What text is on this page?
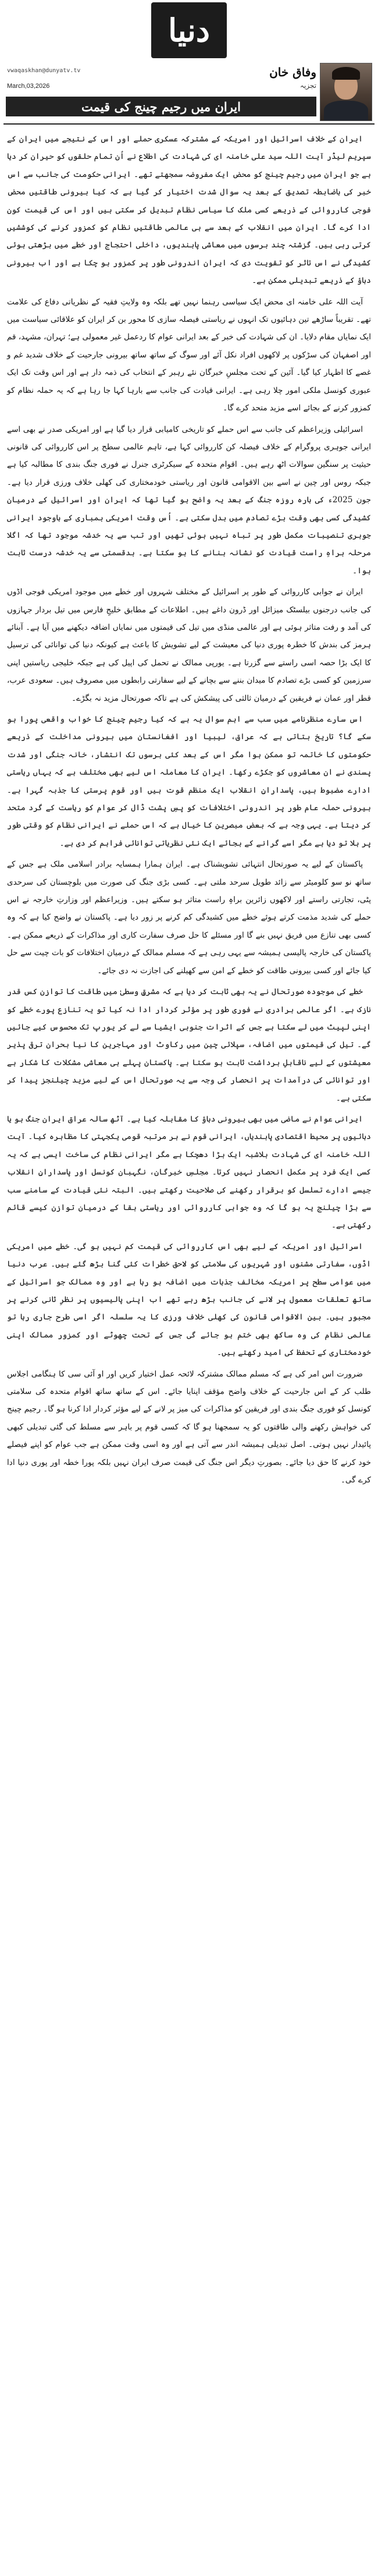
دنیا
وفاق خان
تجزیہ
vwaqaskhan@dunyatv.tv
March,03,2026
ایران میں رجیم چینج کی قیمت

ایران کے خلاف اسرائیل اور امریکہ کے مشترکہ عسکری حملے اور اس کے نتیجے میں ایران کے سپریم لیڈر آیت اللہ سید علی خامنہ ای کی شہادت کی اطلاع نے اُن تمام حلقوں کو حیران کر دیا ہے جو ایران میں رجیم چینج کو محض ایک مفروضہ سمجھتے تھے۔ ایرانی حکومت کی جانب سے اس خبر کی باضابطہ تصدیق کے بعد یہ سوال شدت اختیار کر گیا ہے کہ کیا بیرونی طاقتیں محض فوجی کارروائی کے ذریعے کسی ملک کا سیاسی نظام تبدیل کر سکتی ہیں اور اس کی قیمت کون ادا کرے گا۔ ایران میں انقلاب کے بعد سے ہی عالمی طاقتیں نظام کو کمزور کرنے کی کوششیں کرتی رہی ہیں۔ گزشتہ چند برسوں میں معاشی پابندیوں، داخلی احتجاج اور خطے میں بڑھتی ہوئی کشیدگی نے اس تاثر کو تقویت دی کہ ایران اندرونی طور پر کمزور ہو چکا ہے اور اب بیرونی دباؤ کے ذریعے تبدیلی ممکن ہے۔

آیت اللہ علی خامنہ ای محض ایک سیاسی رہنما نہیں تھے بلکہ وہ ولایتِ فقیہ کے نظریاتی دفاع کی علامت تھے۔ تقریباً ساڑھے تین دہائیوں تک انہوں نے ریاستی فیصلہ سازی کا محور بن کر ایران کو علاقائی سیاست میں ایک نمایاں مقام دلایا۔ ان کی شہادت کی خبر کے بعد ایرانی عوام کا ردعمل غیر معمولی ہے؛ تہران، مشہد، قم اور اصفہان کی سڑکوں پر لاکھوں افراد نکل آئے اور سوگ کے ساتھ ساتھ بیرونی جارحیت کے خلاف شدید غم و غصے کا اظہار کیا گیا۔ آئین کے تحت مجلسِ خبرگان نئے رہبر کے انتخاب کی ذمہ دار ہے اور اس وقت تک ایک عبوری کونسل ملکی امور چلا رہی ہے۔ ایرانی قیادت کی جانب سے بارہا کہا جا رہا ہے کہ یہ حملہ نظام کو کمزور کرنے کے بجائے اسے مزید متحد کرے گا۔

اسرائیلی وزیراعظم کی جانب سے اس حملے کو تاریخی کامیابی قرار دیا گیا ہے اور امریکی صدر نے بھی اسے ایرانی جوہری پروگرام کے خلاف فیصلہ کن کارروائی کہا ہے، تاہم عالمی سطح پر اس کارروائی کی قانونی حیثیت پر سنگین سوالات اٹھ رہے ہیں۔ اقوام متحدہ کے سیکرٹری جنرل نے فوری جنگ بندی کا مطالبہ کیا ہے جبکہ روس اور چین نے اسے بین الاقوامی قانون اور ریاستی خودمختاری کی کھلی خلاف ورزی قرار دیا ہے۔ جون 2025ء کی بارہ روزہ جنگ کے بعد یہ واضح ہو گیا تھا کہ ایران اور اسرائیل کے درمیان کشیدگی کسی بھی وقت بڑے تصادم میں بدل سکتی ہے۔ اُس وقت امریکی بمباری کے باوجود ایرانی جوہری تنصیبات مکمل طور پر تباہ نہیں ہوئی تھیں اور تب سے یہ خدشہ موجود تھا کہ اگلا مرحلہ براہِ راست قیادت کو نشانہ بنانے کا ہو سکتا ہے۔ بدقسمتی سے یہ خدشہ درست ثابت ہوا۔

ایران نے جوابی کارروائی کے طور پر اسرائیل کے مختلف شہروں اور خطے میں موجود امریکی فوجی اڈوں کی جانب درجنوں بیلسٹک میزائل اور ڈرون داغے ہیں۔ اطلاعات کے مطابق خلیجِ فارس میں تیل بردار جہازوں کی آمد و رفت متاثر ہوئی ہے اور عالمی منڈی میں تیل کی قیمتوں میں نمایاں اضافہ دیکھنے میں آیا ہے۔ آبنائے ہرمز کی بندش کا خطرہ پوری دنیا کی معیشت کے لیے تشویش کا باعث ہے کیونکہ دنیا کی توانائی کی ترسیل کا ایک بڑا حصہ اسی راستے سے گزرتا ہے۔ یورپی ممالک نے تحمل کی اپیل کی ہے جبکہ خلیجی ریاستیں اپنی سرزمین کو کسی بڑے تصادم کا میدان بننے سے بچانے کے لیے سفارتی رابطوں میں مصروف ہیں۔ سعودی عرب، قطر اور عمان نے فریقین کے درمیان ثالثی کی پیشکش کی ہے تاکہ صورتحال مزید نہ بگڑے۔

اس سارے منظرنامے میں سب سے اہم سوال یہ ہے کہ کیا رجیم چینج کا خواب واقعی پورا ہو سکے گا؟ تاریخ بتاتی ہے کہ عراق، لیبیا اور افغانستان میں بیرونی مداخلت کے ذریعے حکومتوں کا خاتمہ تو ممکن ہوا مگر اس کے بعد کئی برسوں تک انتشار، خانہ جنگی اور شدت پسندی نے ان معاشروں کو جکڑے رکھا۔ ایران کا معاملہ اس لیے بھی مختلف ہے کہ یہاں ریاستی ادارے مضبوط ہیں، پاسدارانِ انقلاب ایک منظم قوت ہیں اور قوم پرستی کا جذبہ گہرا ہے۔ بیرونی حملہ عام طور پر اندرونی اختلافات کو پسِ پشت ڈال کر عوام کو ریاست کے گرد متحد کر دیتا ہے۔ یہی وجہ ہے کہ بعض مبصرین کا خیال ہے کہ اس حملے نے ایرانی نظام کو وقتی طور پر ہلا تو دیا ہے مگر اسے گرانے کے بجائے ایک نئی نظریاتی توانائی فراہم کر دی ہے۔

پاکستان کے لیے یہ صورتحال انتہائی تشویشناک ہے۔ ایران ہمارا ہمسایہ برادر اسلامی ملک ہے جس کے ساتھ نو سو کلومیٹر سے زائد طویل سرحد ملتی ہے۔ کسی بڑی جنگ کی صورت میں بلوچستان کی سرحدی پٹی، تجارتی راستے اور لاکھوں زائرین براہِ راست متاثر ہو سکتے ہیں۔ وزیراعظم اور وزارتِ خارجہ نے اس حملے کی شدید مذمت کرتے ہوئے خطے میں کشیدگی کم کرنے پر زور دیا ہے۔ پاکستان نے واضح کیا ہے کہ وہ کسی بھی تنازع میں فریق نہیں بنے گا اور مسئلے کا حل صرف سفارت کاری اور مذاکرات کے ذریعے ممکن ہے۔ پاکستان کی خارجہ پالیسی ہمیشہ سے یہی رہی ہے کہ مسلم ممالک کے درمیان اختلافات کو بات چیت سے حل کیا جائے اور کسی بیرونی طاقت کو خطے کے امن سے کھیلنے کی اجازت نہ دی جائے۔

خطے کی موجودہ صورتحال نے یہ بھی ثابت کر دیا ہے کہ مشرقِ وسطیٰ میں طاقت کا توازن کس قدر نازک ہے۔ اگر عالمی برادری نے فوری طور پر مؤثر کردار ادا نہ کیا تو یہ تنازع پورے خطے کو اپنی لپیٹ میں لے سکتا ہے جس کے اثرات جنوبی ایشیا سے لے کر یورپ تک محسوس کیے جائیں گے۔ تیل کی قیمتوں میں اضافہ، سپلائی چین میں رکاوٹ اور مہاجرین کا نیا بحران ترقی پذیر معیشتوں کے لیے ناقابلِ برداشت ثابت ہو سکتا ہے۔ پاکستان پہلے ہی معاشی مشکلات کا شکار ہے اور توانائی کی درآمدات پر انحصار کی وجہ سے یہ صورتحال اس کے لیے مزید چیلنجز پیدا کر سکتی ہے۔

ایرانی عوام نے ماضی میں بھی بیرونی دباؤ کا مقابلہ کیا ہے۔ آٹھ سالہ عراق ایران جنگ ہو یا دہائیوں پر محیط اقتصادی پابندیاں، ایرانی قوم نے ہر مرتبہ قومی یکجہتی کا مظاہرہ کیا۔ آیت اللہ خامنہ ای کی شہادت بلاشبہ ایک بڑا دھچکا ہے مگر ایرانی نظام کی ساخت ایسی ہے کہ یہ کسی ایک فرد پر مکمل انحصار نہیں کرتا۔ مجلسِ خبرگان، نگہبان کونسل اور پاسدارانِ انقلاب جیسے ادارے تسلسل کو برقرار رکھنے کی صلاحیت رکھتے ہیں۔ البتہ نئی قیادت کے سامنے سب سے بڑا چیلنج یہ ہو گا کہ وہ جوابی کارروائی اور ریاستی بقا کے درمیان توازن کیسے قائم رکھتی ہے۔

اسرائیل اور امریکہ کے لیے بھی اس کارروائی کی قیمت کم نہیں ہو گی۔ خطے میں امریکی اڈوں، سفارتی مشنوں اور شہریوں کی سلامتی کو لاحق خطرات کئی گنا بڑھ گئے ہیں۔ عرب دنیا میں عوامی سطح پر امریکہ مخالف جذبات میں اضافہ ہو رہا ہے اور وہ ممالک جو اسرائیل کے ساتھ تعلقات معمول پر لانے کی جانب بڑھ رہے تھے اب اپنی پالیسیوں پر نظرِ ثانی کرنے پر مجبور ہیں۔ بین الاقوامی قانون کی کھلی خلاف ورزی کا یہ سلسلہ اگر اسی طرح جاری رہا تو عالمی نظام کی وہ ساکھ بھی ختم ہو جائے گی جس کے تحت چھوٹے اور کمزور ممالک اپنی خودمختاری کے تحفظ کی امید رکھتے ہیں۔

ضرورت اس امر کی ہے کہ مسلم ممالک مشترکہ لائحہ عمل اختیار کریں اور او آئی سی کا ہنگامی اجلاس طلب کر کے اس جارحیت کے خلاف واضح مؤقف اپنایا جائے۔ اس کے ساتھ ساتھ اقوام متحدہ کی سلامتی کونسل کو فوری جنگ بندی اور فریقین کو مذاکرات کی میز پر لانے کے لیے مؤثر کردار ادا کرنا ہو گا۔ رجیم چینج کی خواہش رکھنے والی طاقتوں کو یہ سمجھنا ہو گا کہ کسی قوم پر باہر سے مسلط کی گئی تبدیلی کبھی پائیدار نہیں ہوتی۔ اصل تبدیلی ہمیشہ اندر سے آتی ہے اور وہ اسی وقت ممکن ہے جب عوام کو اپنے فیصلے خود کرنے کا حق دیا جائے۔ بصورتِ دیگر اس جنگ کی قیمت صرف ایران نہیں بلکہ پورا خطہ اور پوری دنیا ادا کرے گی۔
